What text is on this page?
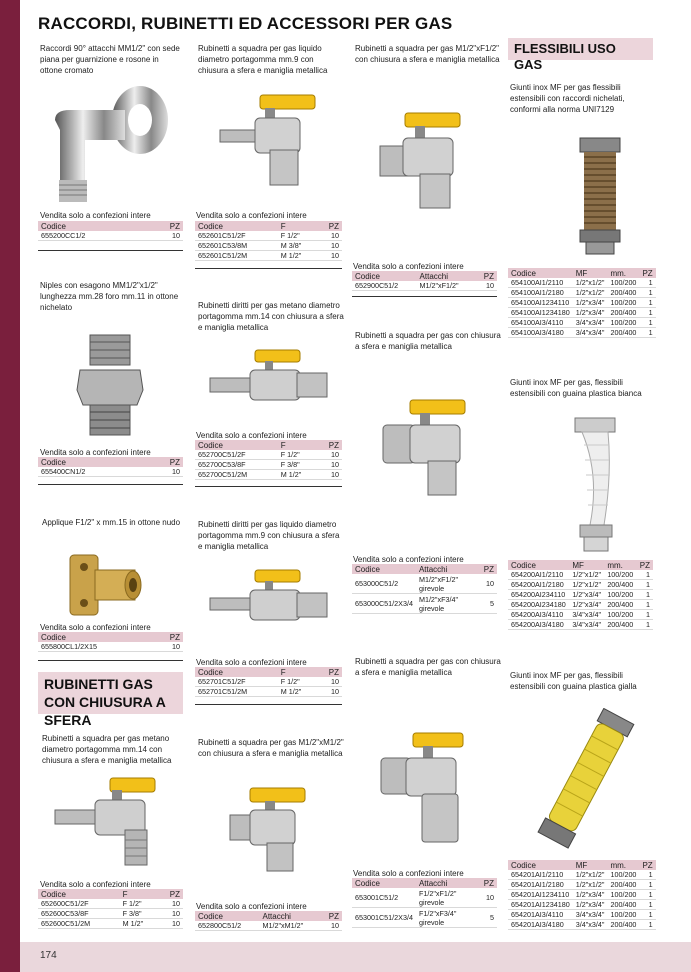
174
RACCORDI, RUBINETTI ED ACCESSORI PER GAS
Raccordi 90° attacchi MM1/2" con sede piana per guarnizione e rosone in ottone cromato
Vendita solo a confezioni intere
Codice	PZ
655200CC1/2	10
Niples con esagono MM1/2"x1/2" lunghezza mm.28 foro mm.11 in ottone nichelato
Vendita solo a confezioni intere
Codice	PZ
655400CN1/2	10
Applique F1/2" x mm.15 in ottone nudo
Vendita solo a confezioni intere
Codice	PZ
655800CL1/2X15	10
RUBINETTI GAS CON CHIUSURA A SFERA
Rubinetti a squadra per gas metano diametro portagomma mm.14 con chiusura a sfera e maniglia metallica
Vendita solo a confezioni intere
Codice	F	PZ
652600C51/2F	F 1/2"	10
652600C53/8F	F 3/8"	10
652600C51/2M	M 1/2"	10
Rubinetti a squadra per gas liquido diametro portagomma mm.9 con chiusura a sfera e maniglia metallica
Vendita solo a confezioni intere
Codice	F	PZ
652601C51/2F	F 1/2"	10
652601C53/8M	M 3/8"	10
652601C51/2M	M 1/2"	10
Rubinetti diritti per gas metano diametro portagomma mm.14 con chiusura a sfera e maniglia metallica
Vendita solo a confezioni intere
Codice	F	PZ
652700C51/2F	F 1/2"	10
652700C53/8F	F 3/8"	10
652700C51/2M	M 1/2"	10
Rubinetti diritti per gas liquido diametro portagomma mm.9 con chiusura a sfera e maniglia metallica
Vendita solo a confezioni intere
Codice	F	PZ
652701C51/2F	F 1/2"	10
652701C51/2M	M 1/2"	10
Rubinetti a squadra per gas M1/2"xM1/2" con chiusura a sfera e maniglia metallica
Vendita solo a confezioni intere
Codice	Attacchi	PZ
652800C51/2	M1/2"xM1/2"	10
Rubinetti a squadra per gas M1/2"xF1/2" con chiusura a sfera e maniglia metallica
Vendita solo a confezioni intere
Codice	Attacchi	PZ
652900C51/2	M1/2"xF1/2"	10
Rubinetti a squadra per gas con chiusura a sfera e maniglia metallica
Vendita solo a confezioni intere
Codice	Attacchi	PZ
653000C51/2	M1/2"xF1/2" girevole	10
653000C51/2X3/4	M1/2"xF3/4" girevole	5
Rubinetti a squadra per gas con chiusura a sfera e maniglia metallica
Vendita solo a confezioni intere
Codice	Attacchi	PZ
653001C51/2	F1/2"xF1/2" girevole	10
653001C51/2X3/4	F1/2"xF3/4" girevole	5
FLESSIBILI USO GAS
Giunti inox MF per gas flessibili estensibili con raccordi nichelati, conformi alla norma UNI7129
Codice	MF	mm.	PZ
654100AI1/2110	1/2"x1/2"	100/200	1
654100AI1/2180	1/2"x1/2"	200/400	1
654100AI1234110	1/2"x3/4"	100/200	1
654100AI1234180	1/2"x3/4"	200/400	1
654100AI3/4110	3/4"x3/4"	100/200	1
654100AI3/4180	3/4"x3/4"	200/400	1
Giunti inox MF per gas, flessibili estensibili con guaina plastica bianca
Codice	MF	mm.	PZ
654200AI1/2110	1/2"x1/2"	100/200	1
654200AI1/2180	1/2"x1/2"	200/400	1
654200AI234110	1/2"x3/4"	100/200	1
654200AI234180	1/2"x3/4"	200/400	1
654200AI3/4110	3/4"x3/4"	100/200	1
654200AI3/4180	3/4"x3/4"	200/400	1
Giunti inox MF per gas, flessibili estensibili con guaina plastica gialla
Codice	MF	mm.	PZ
654201AI1/2110	1/2"x1/2"	100/200	1
654201AI1/2180	1/2"x1/2"	200/400	1
654201AI1234110	1/2"x3/4"	100/200	1
654201AI1234180	1/2"x3/4"	200/400	1
654201AI3/4110	3/4"x3/4"	100/200	1
654201AI3/4180	3/4"x3/4"	200/400	1
